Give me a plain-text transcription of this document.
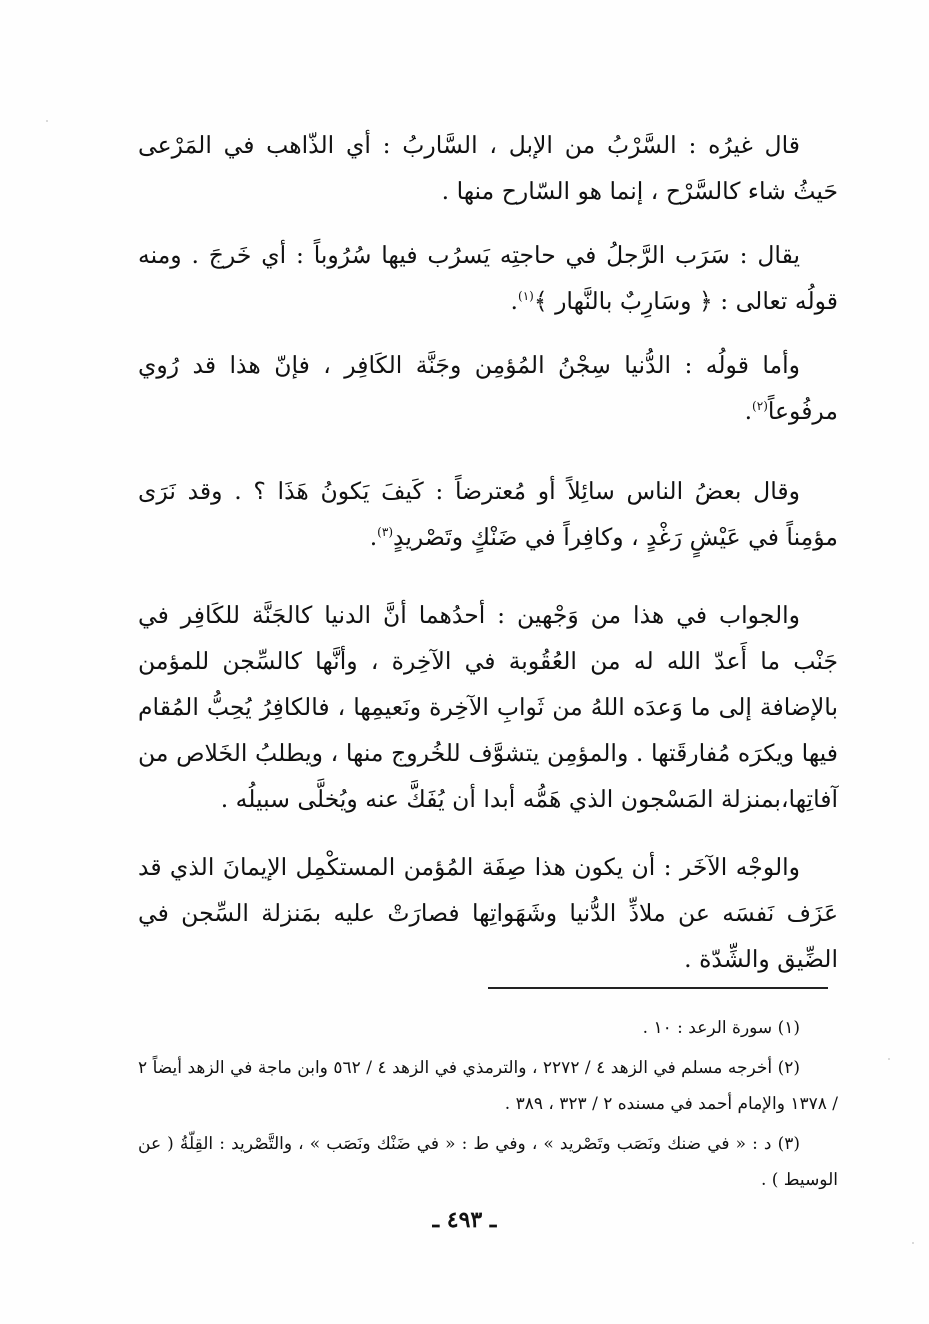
قال غيرُه : السَّرْبُ من الإبل ، السَّاربُ : أي الذّاهب في المَرْعى حَيثُ شاء كالسَّرْح ، إنما هو السّارح منها .

يقال : سَرَب الرَّجلُ في حاجتِه يَسرُب فيها سُرُوباً : أي خَرجَ . ومنه قولُه تعالى : ﴿ وسَارِبٌ بالنَّهار ﴾$^{(١)}$.

وأما قولُه : الدُّنيا سِجْنُ المُؤمِن وجَنَّة الكَافِر ، فإنّ هذا قد رُوي مرفُوعاً$^{(٢)}$.

وقال بعضُ الناس سائِلاً أو مُعترضاً : كَيفَ يَكونُ هَذَا ؟ . وقد نَرَى مؤمِناً في عَيْشٍ رَغْدٍ ، وكافِراً في ضَنْكٍ وتَصْريدٍ$^{(٣)}$.

والجواب في هذا من وَجْهين : أحدُهما أنَّ الدنيا كالجَنَّة للكَافِر في جَنْب ما أَعدّ الله له من العُقُوبة في الآخِرة ، وأنَّها كالسِّجن للمؤمن بالإضافة إلى ما وَعدَه اللهُ من ثَوابِ الآخِرة ونَعيمِها ، فالكافِرُ يُحِبُّ المُقام فيها ويكرَه مُفارقَتها . والمؤمِن يتشوَّف للخُروج منها ، ويطلبُ الخَلاص من آفاتِها،بمنزلة المَسْجون الذي هَمُّه أبدا أن يُفَكَّ عنه ويُخلَّى سبيلُه .

والوجْه الآخَر : أن يكون هذا صِفَة المُؤمن المستكْمِل الإيمانَ الذي قد عَزَف نَفسَه عن ملاذِّ الدُّنيا وشَهَواتِها فصارَتْ عليه بمَنزلة السِّجن في الضِّيق والشِّدّة .

(١) سورة الرعد : ١٠ .

(٢) أخرجه مسلم في الزهد ٤ / ٢٢٧٢ ، والترمذي في الزهد ٤ / ٥٦٢ وابن ماجة في الزهد أيضاً ٢ / ١٣٧٨ والإمام أحمد في مسنده ٢ / ٣٢٣ ، ٣٨٩ .

(٣) د : « في ضنك ونَصَب وتَصْريد » ، وفي ط : « في ضَنْك ونَصَب » ، والتَّصْريد : القِلّةُ ( عن الوسيط ) .

ـ ٤٩٣ ـ
